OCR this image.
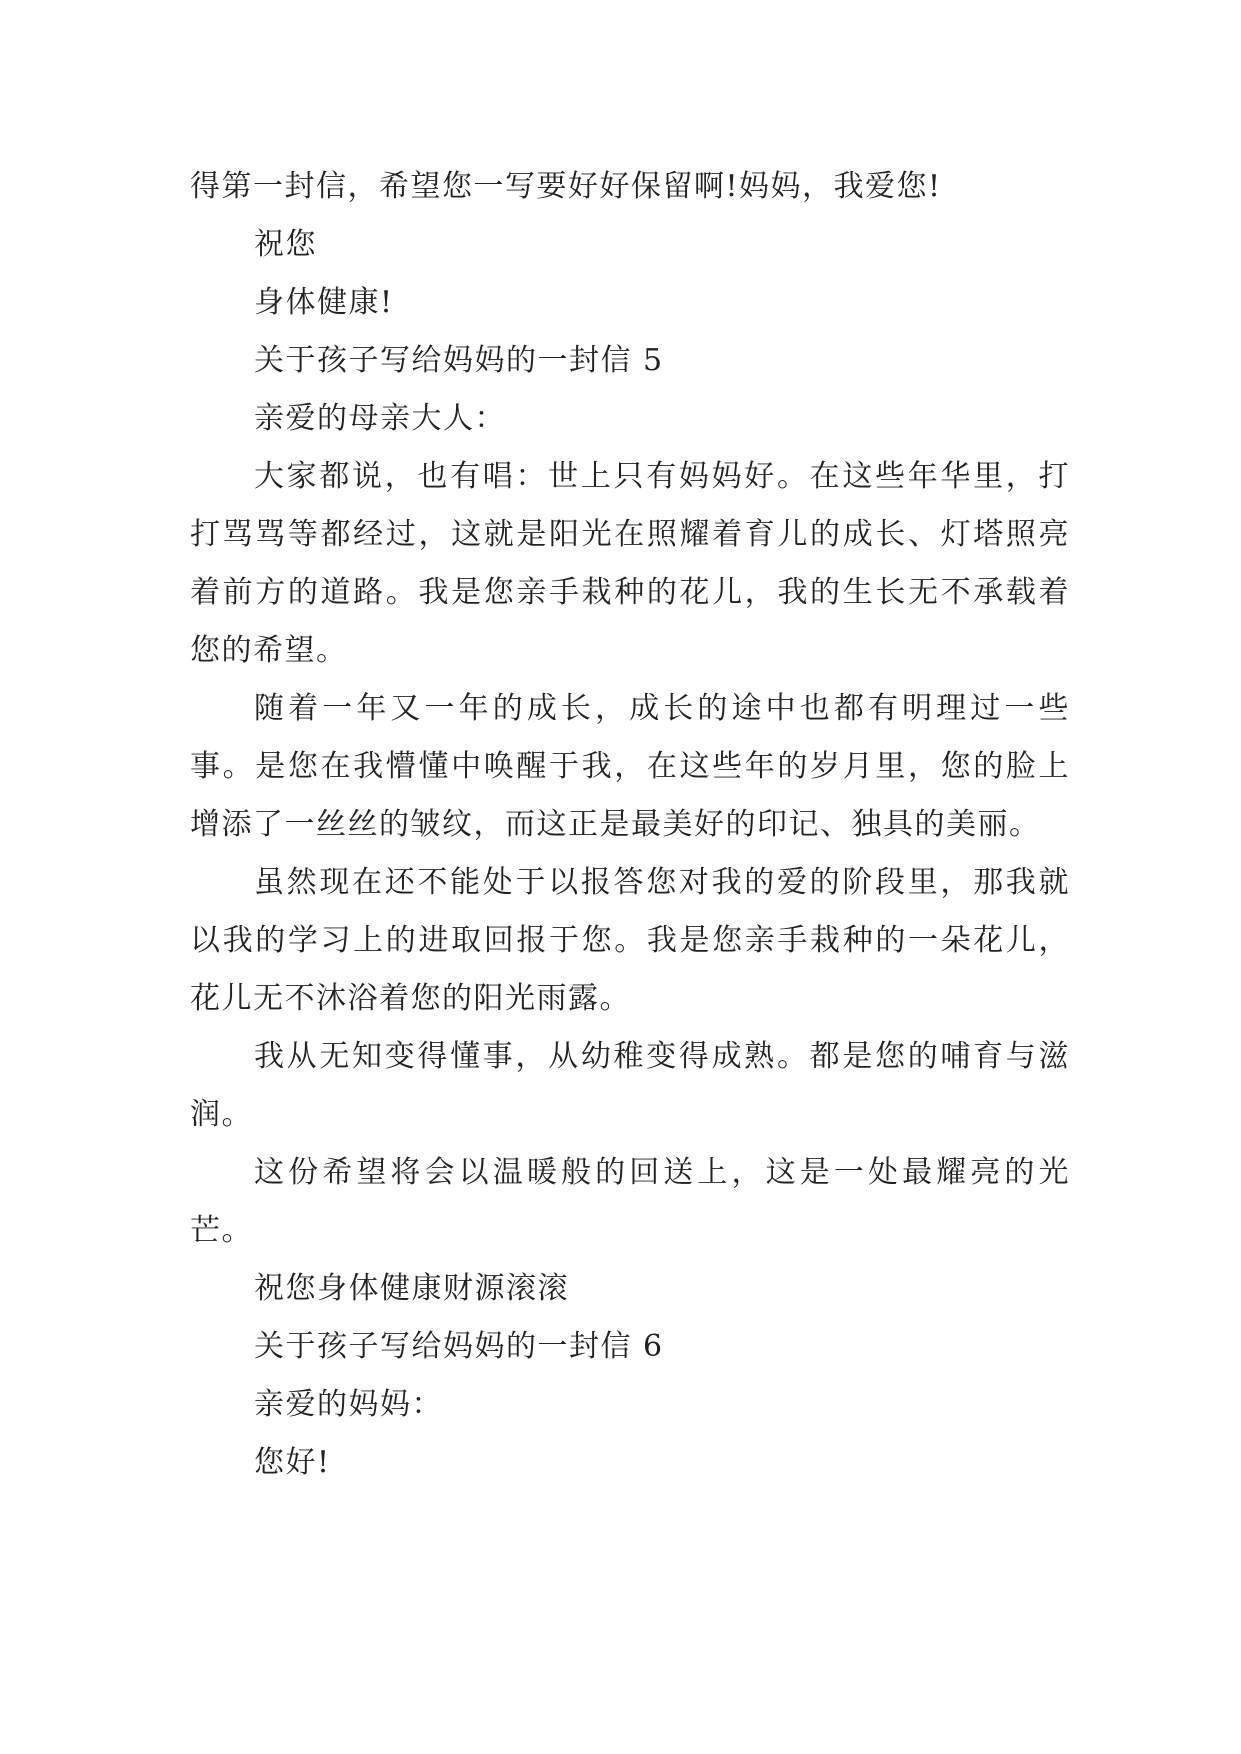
得第一封信，希望您一写要好好保留啊!妈妈，我爱您!

祝您

身体健康!

关于孩子写给妈妈的一封信 5

亲爱的母亲大人：

大家都说，也有唱：世上只有妈妈好。在这些年华里，打打骂骂等都经过，这就是阳光在照耀着育儿的成长、灯塔照亮着前方的道路。我是您亲手栽种的花儿，我的生长无不承载着您的希望。

随着一年又一年的成长，成长的途中也都有明理过一些事。是您在我懵懂中唤醒于我，在这些年的岁月里，您的脸上增添了一丝丝的皱纹，而这正是最美好的印记、独具的美丽。

虽然现在还不能处于以报答您对我的爱的阶段里，那我就以我的学习上的进取回报于您。我是您亲手栽种的一朵花儿，花儿无不沐浴着您的阳光雨露。

我从无知变得懂事，从幼稚变得成熟。都是您的哺育与滋润。

这份希望将会以温暖般的回送上，这是一处最耀亮的光芒。

祝您身体健康财源滚滚

关于孩子写给妈妈的一封信 6

亲爱的妈妈：

您好!
